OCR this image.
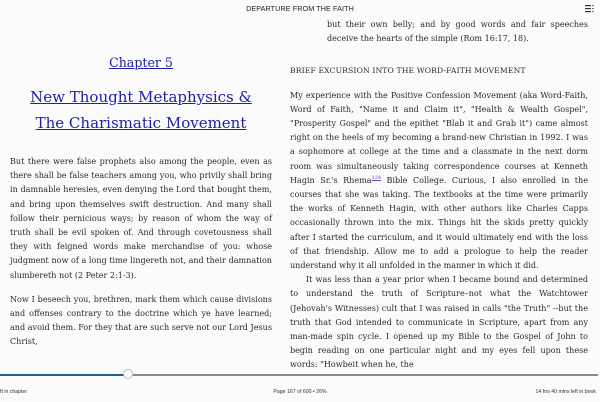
DEPARTURE FROM THE FAITH
Chapter 5
New Thought Metaphysics &
The Charismatic Movement

But there were false prophets also among the people, even as there shall be false teachers among you, who privily shall bring in damnable heresies, even denying the Lord that bought them, and bring upon themselves swift destruction. And many shall follow their pernicious ways; by reason of whom the way of truth shall be evil spoken of. And through covetousness shall they with feigned words make merchandise of you: whose judgment now of a long time lingereth not, and their damnation slumbereth not (2 Peter 2:1-3).

Now I beseech you, brethren, mark them which cause divisions and offenses contrary to the doctrine which ye have learned; and avoid them. For they that are such serve not our Lord Jesus Christ,

but their own belly; and by good words and fair speeches deceive the hearts of the simple (Rom 16:17, 18).

BRIEF EXCURSION INTO THE WORD-FAITH MOVEMENT

My experience with the Positive Confession Movement (aka Word-Faith, Word of Faith, "Name it and Claim it", "Health & Wealth Gospel", "Prosperity Gospel" and the epithet "Blab it and Grab it") came almost right on the heels of my becoming a brand-new Christian in 1992. I was a sophomore at college at the time and a classmate in the next dorm room was simultaneously taking correspondence courses at Kenneth Hagin Sr.'s Rhema$^{124}$ Bible College. Curious, I also enrolled in the courses that she was taking. The textbooks at the time were primarily the works of Kenneth Hagin, with other authors like Charles Capps occasionally thrown into the mix. Things hit the skids pretty quickly after I started the curriculum, and it would ultimately end with the loss of that friendship. Allow me to add a prologue to help the reader understand why it all unfolded in the manner in which it did.

It was less than a year prior when I became bound and determined to understand the truth of Scripture–not what the Watchtower (Jehovah's Witnesses) cult that I was raised in calls "the Truth" --but the truth that God intended to communicate in Scripture, apart from any man-made spin cycle. I opened up my Bible to the Gospel of John to begin reading on one particular night and my eyes fell upon these words: "Howbeit when he, the

ft in chapter	Page 167 of 600 • 26%	14 hrs 40 mins left in book
